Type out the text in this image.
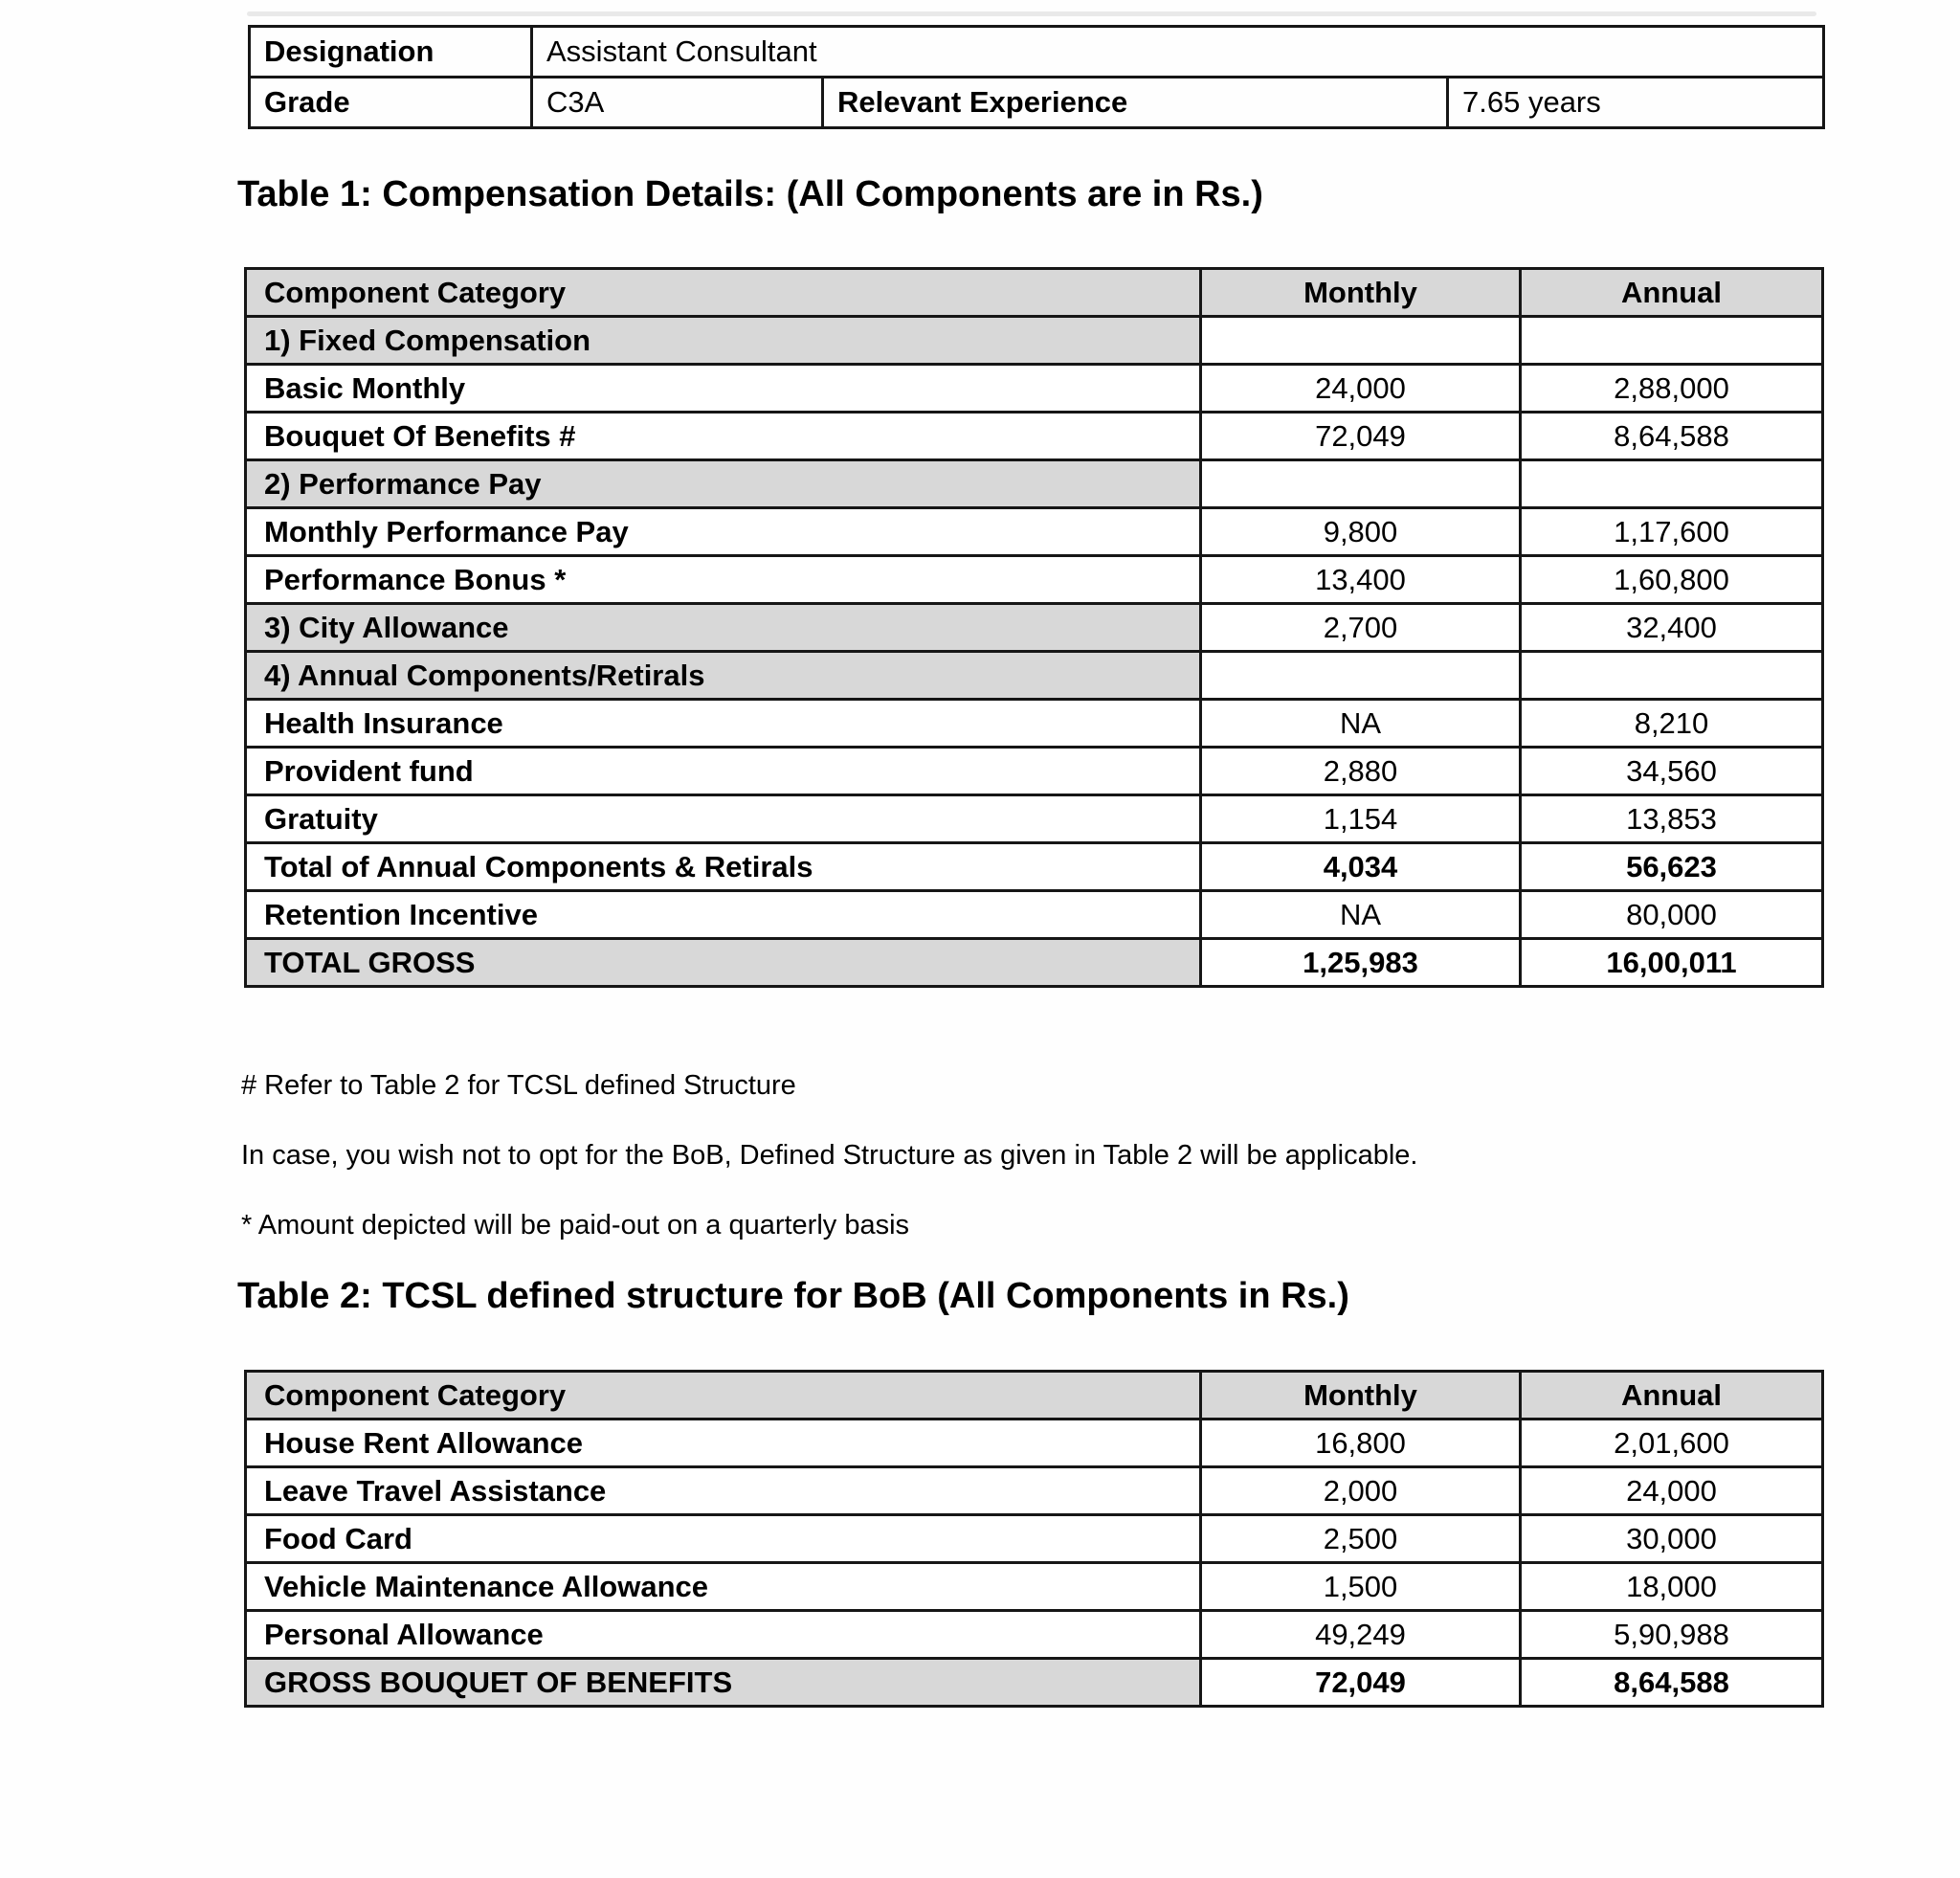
Designation	Assistant Consultant		
Grade	C3A	Relevant Experience	7.65 years
Table 1: Compensation Details: (All Components are in Rs.)
Component Category	Monthly	Annual
1) Fixed Compensation		
Basic Monthly	24,000	2,88,000
Bouquet Of Benefits #	72,049	8,64,588
2) Performance Pay		
Monthly Performance Pay	9,800	1,17,600
Performance Bonus *	13,400	1,60,800
3) City Allowance	2,700	32,400
4) Annual Components/Retirals		
Health Insurance	NA	8,210
Provident fund	2,880	34,560
Gratuity	1,154	13,853
Total of Annual Components & Retirals	4,034	56,623
Retention Incentive	NA	80,000
TOTAL GROSS	1,25,983	16,00,011
# Refer to Table 2 for TCSL defined Structure
In case, you wish not to opt for the BoB, Defined Structure as given in Table 2 will be applicable.
* Amount depicted will be paid-out on a quarterly basis
Table 2: TCSL defined structure for BoB (All Components in Rs.)
Component Category	Monthly	Annual
House Rent Allowance	16,800	2,01,600
Leave Travel Assistance	2,000	24,000
Food Card	2,500	30,000
Vehicle Maintenance Allowance	1,500	18,000
Personal Allowance	49,249	5,90,988
GROSS BOUQUET OF BENEFITS	72,049	8,64,588
